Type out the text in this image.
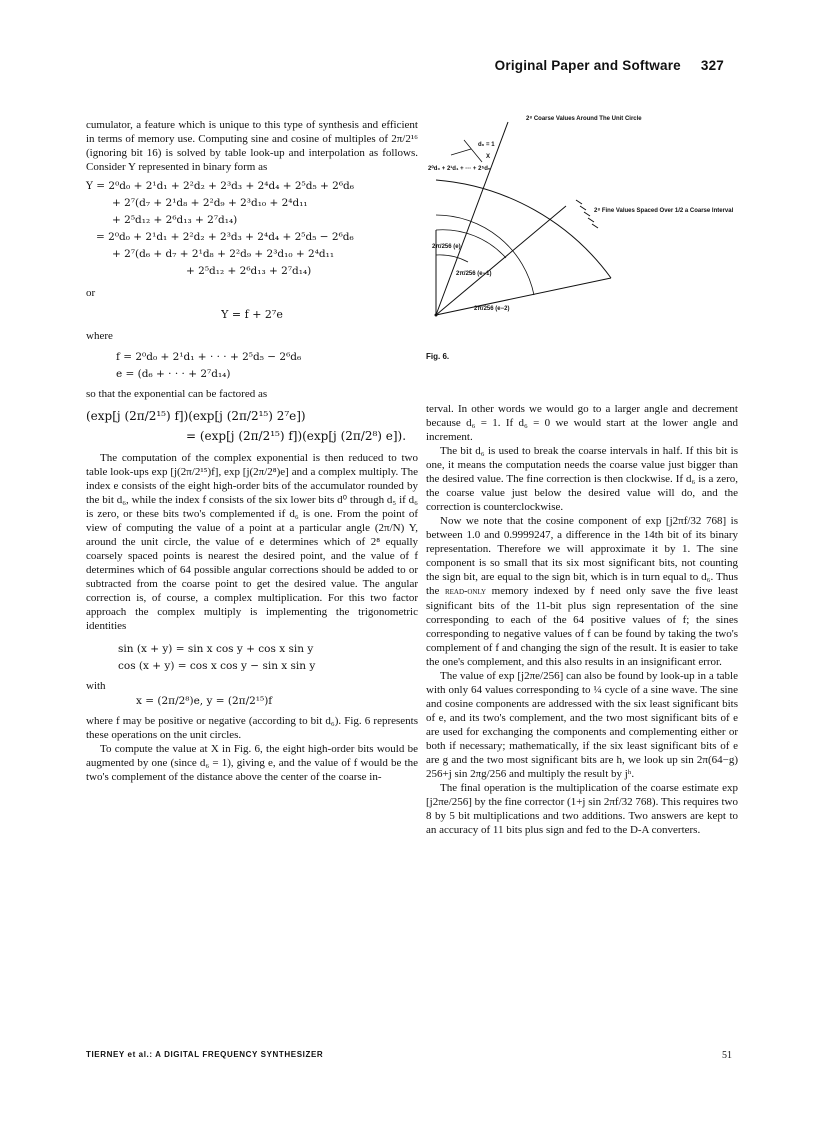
Original Paper and Software 327

cumulator, a feature which is unique to this type of synthesis and efficient in terms of memory use. Computing sine and cosine of multiples of 2π/2¹⁶ (ignoring bit 16) is solved by table look-up and interpolation as follows. Consider Y represented in binary form as

Y = 2⁰d₀ + 2¹d₁ + 2²d₂ + 2³d₃ + 2⁴d₄ + 2⁵d₅ + 2⁶d₆
+ 2⁷(d₇ + 2¹d₈ + 2²d₉ + 2³d₁₀ + 2⁴d₁₁
+ 2⁵d₁₂ + 2⁶d₁₃ + 2⁷d₁₄)
= 2⁰d₀ + 2¹d₁ + 2²d₂ + 2³d₃ + 2⁴d₄ + 2⁵d₅ − 2⁶d₆
+ 2⁷(d₆ + d₇ + 2¹d₈ + 2²d₉ + 2³d₁₀ + 2⁴d₁₁
+ 2⁵d₁₂ + 2⁶d₁₃ + 2⁷d₁₄)

or

Y = f + 2⁷e

where

f = 2⁰d₀ + 2¹d₁ + · · · + 2⁵d₅ − 2⁶d₆
e = (d₆ + · · · + 2⁷d₁₄)

so that the exponential can be factored as

(exp[j (2π/2¹⁵) f])(exp[j (2π/2¹⁵) 2⁷e])
= (exp[j (2π/2¹⁵) f])(exp[j (2π/2⁸) e]).

The computation of the complex exponential is then reduced to two table look-ups exp [j(2π/2¹⁵)f], exp [j(2π/2⁸)e] and a complex multiply. The index e consists of the eight high-order bits of the accumulator rounded by the bit d₆, while the index f consists of the six lower bits d⁰ through d₅ if d₆ is zero, or these bits two's complemented if d₆ is one. From the point of view of computing the value of a point at a particular angle (2π/N) Y, around the unit circle, the value of e determines which of 2⁸ equally coarsely spaced points is nearest the desired point, and the value of f determines which of 64 possible angular corrections should be added to or subtracted from the coarse point to get the desired value. The angular correction is, of course, a complex multiplication. For this two factor approach the complex multiply is implementing the trigonometric identities

sin (x + y) = sin x cos y + cos x sin y
cos (x + y) = cos x cos y − sin x sin y

with

x = (2π/2⁸)e, y = (2π/2¹⁵)f

where f may be positive or negative (according to bit d₆). Fig. 6 represents these operations on the unit circles.

To compute the value at X in Fig. 6, the eight high-order bits would be augmented by one (since d₆ = 1), giving e, and the value of f would be the two's complement of the distance above the center of the coarse in-

2⁸ Coarse Values Around The Unit Circle
d₆ = 1
2⁰d₀ + 2¹d₁ + ··· + 2⁵d₅
X
2⁸ Fine Values Spaced Over 1/2 a Coarse Interval
2π/256 (e)
2π/256 (e−1)
2π/256 (e−2)
Fig. 6.

terval. In other words we would go to a larger angle and decrement because d₆ = 1. If d₆ = 0 we would start at the lower angle and increment.

The bit d₆ is used to break the coarse intervals in half. If this bit is one, it means the computation needs the coarse value just bigger than the desired value. The fine correction is then clockwise. If d₆ is a zero, the coarse value just below the desired value will do, and the correction is counterclockwise.

Now we note that the cosine component of exp [j2πf/32 768] is between 1.0 and 0.9999247, a difference in the 14th bit of its binary representation. Therefore we will approximate it by 1. The sine component is so small that its six most significant bits, not counting the sign bit, are equal to the sign bit, which is in turn equal to d₆. Thus the read-only memory indexed by f need only save the five least significant bits of the 11-bit plus sign representation of the sine corresponding to each of the 64 positive values of f; the sines corresponding to negative values of f can be found by taking the two's complement of f and changing the sign of the result. It is easier to take the one's complement, and this also results in an insignificant error.

The value of exp [j2πe/256] can also be found by look-up in a table with only 64 values corresponding to ¼ cycle of a sine wave. The sine and cosine components are addressed with the six least significant bits of e, and its two's complement, and the two most significant bits of e are used for exchanging the components and complementing either or both if necessary; mathematically, if the six least significant bits of e are g and the two most significant bits are h, we look up sin 2π(64−g) 256+j sin 2πg/256 and multiply the result by jʰ.

The final operation is the multiplication of the coarse estimate exp [j2πe/256] by the fine corrector (1+j sin 2πf/32 768). This requires two 8 by 5 bit multiplications and two additions. Two answers are kept to an accuracy of 11 bits plus sign and fed to the D-A converters.

TIERNEY et al.: A DIGITAL FREQUENCY SYNTHESIZER	51
